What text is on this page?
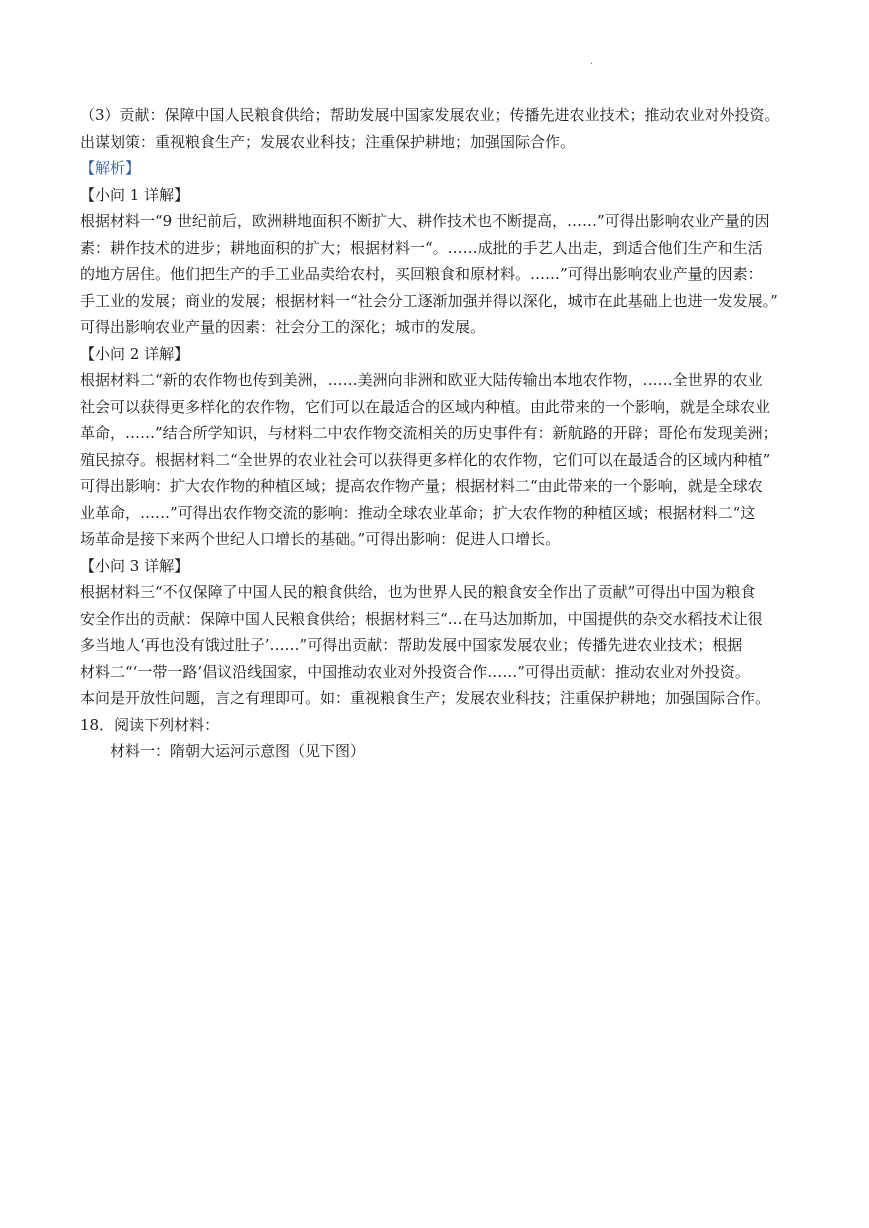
.
（3）贡献：保障中国人民粮食供给；帮助发展中国家发展农业；传播先进农业技术；推动农业对外投资。
出谋划策：重视粮食生产；发展农业科技；注重保护耕地；加强国际合作。
【解析】
【小问 1 详解】
根据材料一“9 世纪前后，欧洲耕地面积不断扩大、耕作技术也不断提高，……”可得出影响农业产量的因
素：耕作技术的进步；耕地面积的扩大；根据材料一“。……成批的手艺人出走，到适合他们生产和生活
的地方居住。他们把生产的手工业品卖给农村，买回粮食和原材料。……”可得出影响农业产量的因素：
手工业的发展；商业的发展；根据材料一“社会分工逐渐加强并得以深化，城市在此基础上也进一发发展。”
可得出影响农业产量的因素：社会分工的深化；城市的发展。
【小问 2 详解】
根据材料二“新的农作物也传到美洲，……美洲向非洲和欧亚大陆传输出本地农作物，……全世界的农业
社会可以获得更多样化的农作物，它们可以在最适合的区域内种植。由此带来的一个影响，就是全球农业
革命，……”结合所学知识，与材料二中农作物交流相关的历史事件有：新航路的开辟；哥伦布发现美洲；
殖民掠夺。根据材料二“全世界的农业社会可以获得更多样化的农作物，它们可以在最适合的区域内种植”
可得出影响：扩大农作物的种植区域；提高农作物产量；根据材料二“由此带来的一个影响，就是全球农
业革命，……”可得出农作物交流的影响：推动全球农业革命；扩大农作物的种植区域；根据材料二“这
场革命是接下来两个世纪人口增长的基础。”可得出影响：促进人口增长。
【小问 3 详解】
根据材料三“不仅保障了中国人民的粮食供给，也为世界人民的粮食安全作出了贡献”可得出中国为粮食
安全作出的贡献：保障中国人民粮食供给；根据材料三“…在马达加斯加，中国提供的杂交水稻技术让很
多当地人‘再也没有饿过肚子’……”可得出贡献：帮助发展中国家发展农业；传播先进农业技术；根据
材料二“‘一带一路’倡议沿线国家，中国推动农业对外投资合作……”可得出贡献：推动农业对外投资。
本问是开放性问题，言之有理即可。如：重视粮食生产；发展农业科技；注重保护耕地；加强国际合作。
18．阅读下列材料：
材料一：隋朝大运河示意图（见下图）
